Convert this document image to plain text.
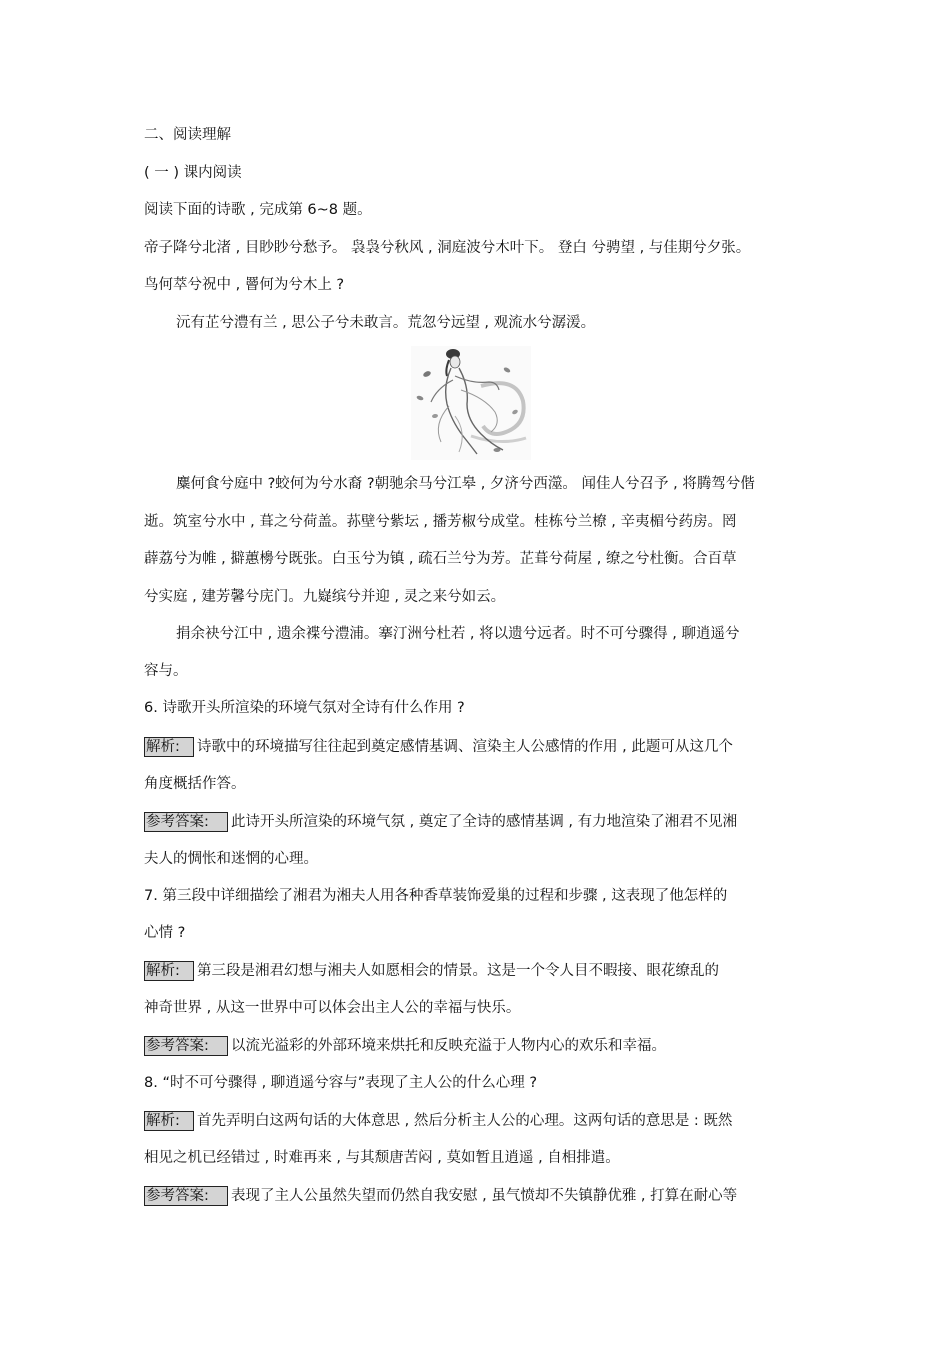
二、阅读理解
( 一 ) 课内阅读
阅读下面的诗歌 , 完成第 6~8 题。
帝子降兮北渚 , 目眇眇兮愁予。 袅袅兮秋风 , 洞庭波兮木叶下。 登白 兮骋望 , 与佳期兮夕张。
鸟何萃兮祝中 , 罾何为兮木上 ?
沅有芷兮澧有兰 , 思公子兮未敢言。荒忽兮远望 , 观流水兮潺湲。
麋何食兮庭中 ?蛟何为兮水裔 ?朝驰余马兮江皋 , 夕济兮西澨。 闻佳人兮召予 , 将腾驾兮偕
逝。筑室兮水中 , 葺之兮荷盖。荪壁兮紫坛 , 播芳椒兮成堂。桂栋兮兰橑 , 辛夷楣兮药房。罔
薜荔兮为帷 , 擗蕙櫋兮既张。白玉兮为镇 , 疏石兰兮为芳。芷葺兮荷屋 , 缭之兮杜衡。合百草
兮实庭 , 建芳馨兮庑门。九嶷缤兮并迎 , 灵之来兮如云。
捐余袂兮江中 , 遗余褋兮澧浦。搴汀洲兮杜若 , 将以遗兮远者。时不可兮骤得 , 聊逍遥兮
容与。
6. 诗歌开头所渲染的环境气氛对全诗有什么作用 ?
解析: 诗歌中的环境描写往往起到奠定感情基调、渲染主人公感情的作用 , 此题可从这几个
角度概括作答。
参考答案: 此诗开头所渲染的环境气氛 , 奠定了全诗的感情基调 , 有力地渲染了湘君不见湘
夫人的惆怅和迷惘的心理。
7. 第三段中详细描绘了湘君为湘夫人用各种香草装饰爱巢的过程和步骤 , 这表现了他怎样的
心情 ?
解析: 第三段是湘君幻想与湘夫人如愿相会的情景。这是一个令人目不暇接、眼花缭乱的
神奇世界 , 从这一世界中可以体会出主人公的幸福与快乐。
参考答案: 以流光溢彩的外部环境来烘托和反映充溢于人物内心的欢乐和幸福。
8. “时不可兮骤得 , 聊逍遥兮容与”表现了主人公的什么心理 ?
解析: 首先弄明白这两句话的大体意思 , 然后分析主人公的心理。这两句话的意思是 : 既然
相见之机已经错过 , 时难再来 , 与其颓唐苦闷 , 莫如暂且逍遥 , 自相排遣。
参考答案: 表现了主人公虽然失望而仍然自我安慰 , 虽气愤却不失镇静优雅 , 打算在耐心等
